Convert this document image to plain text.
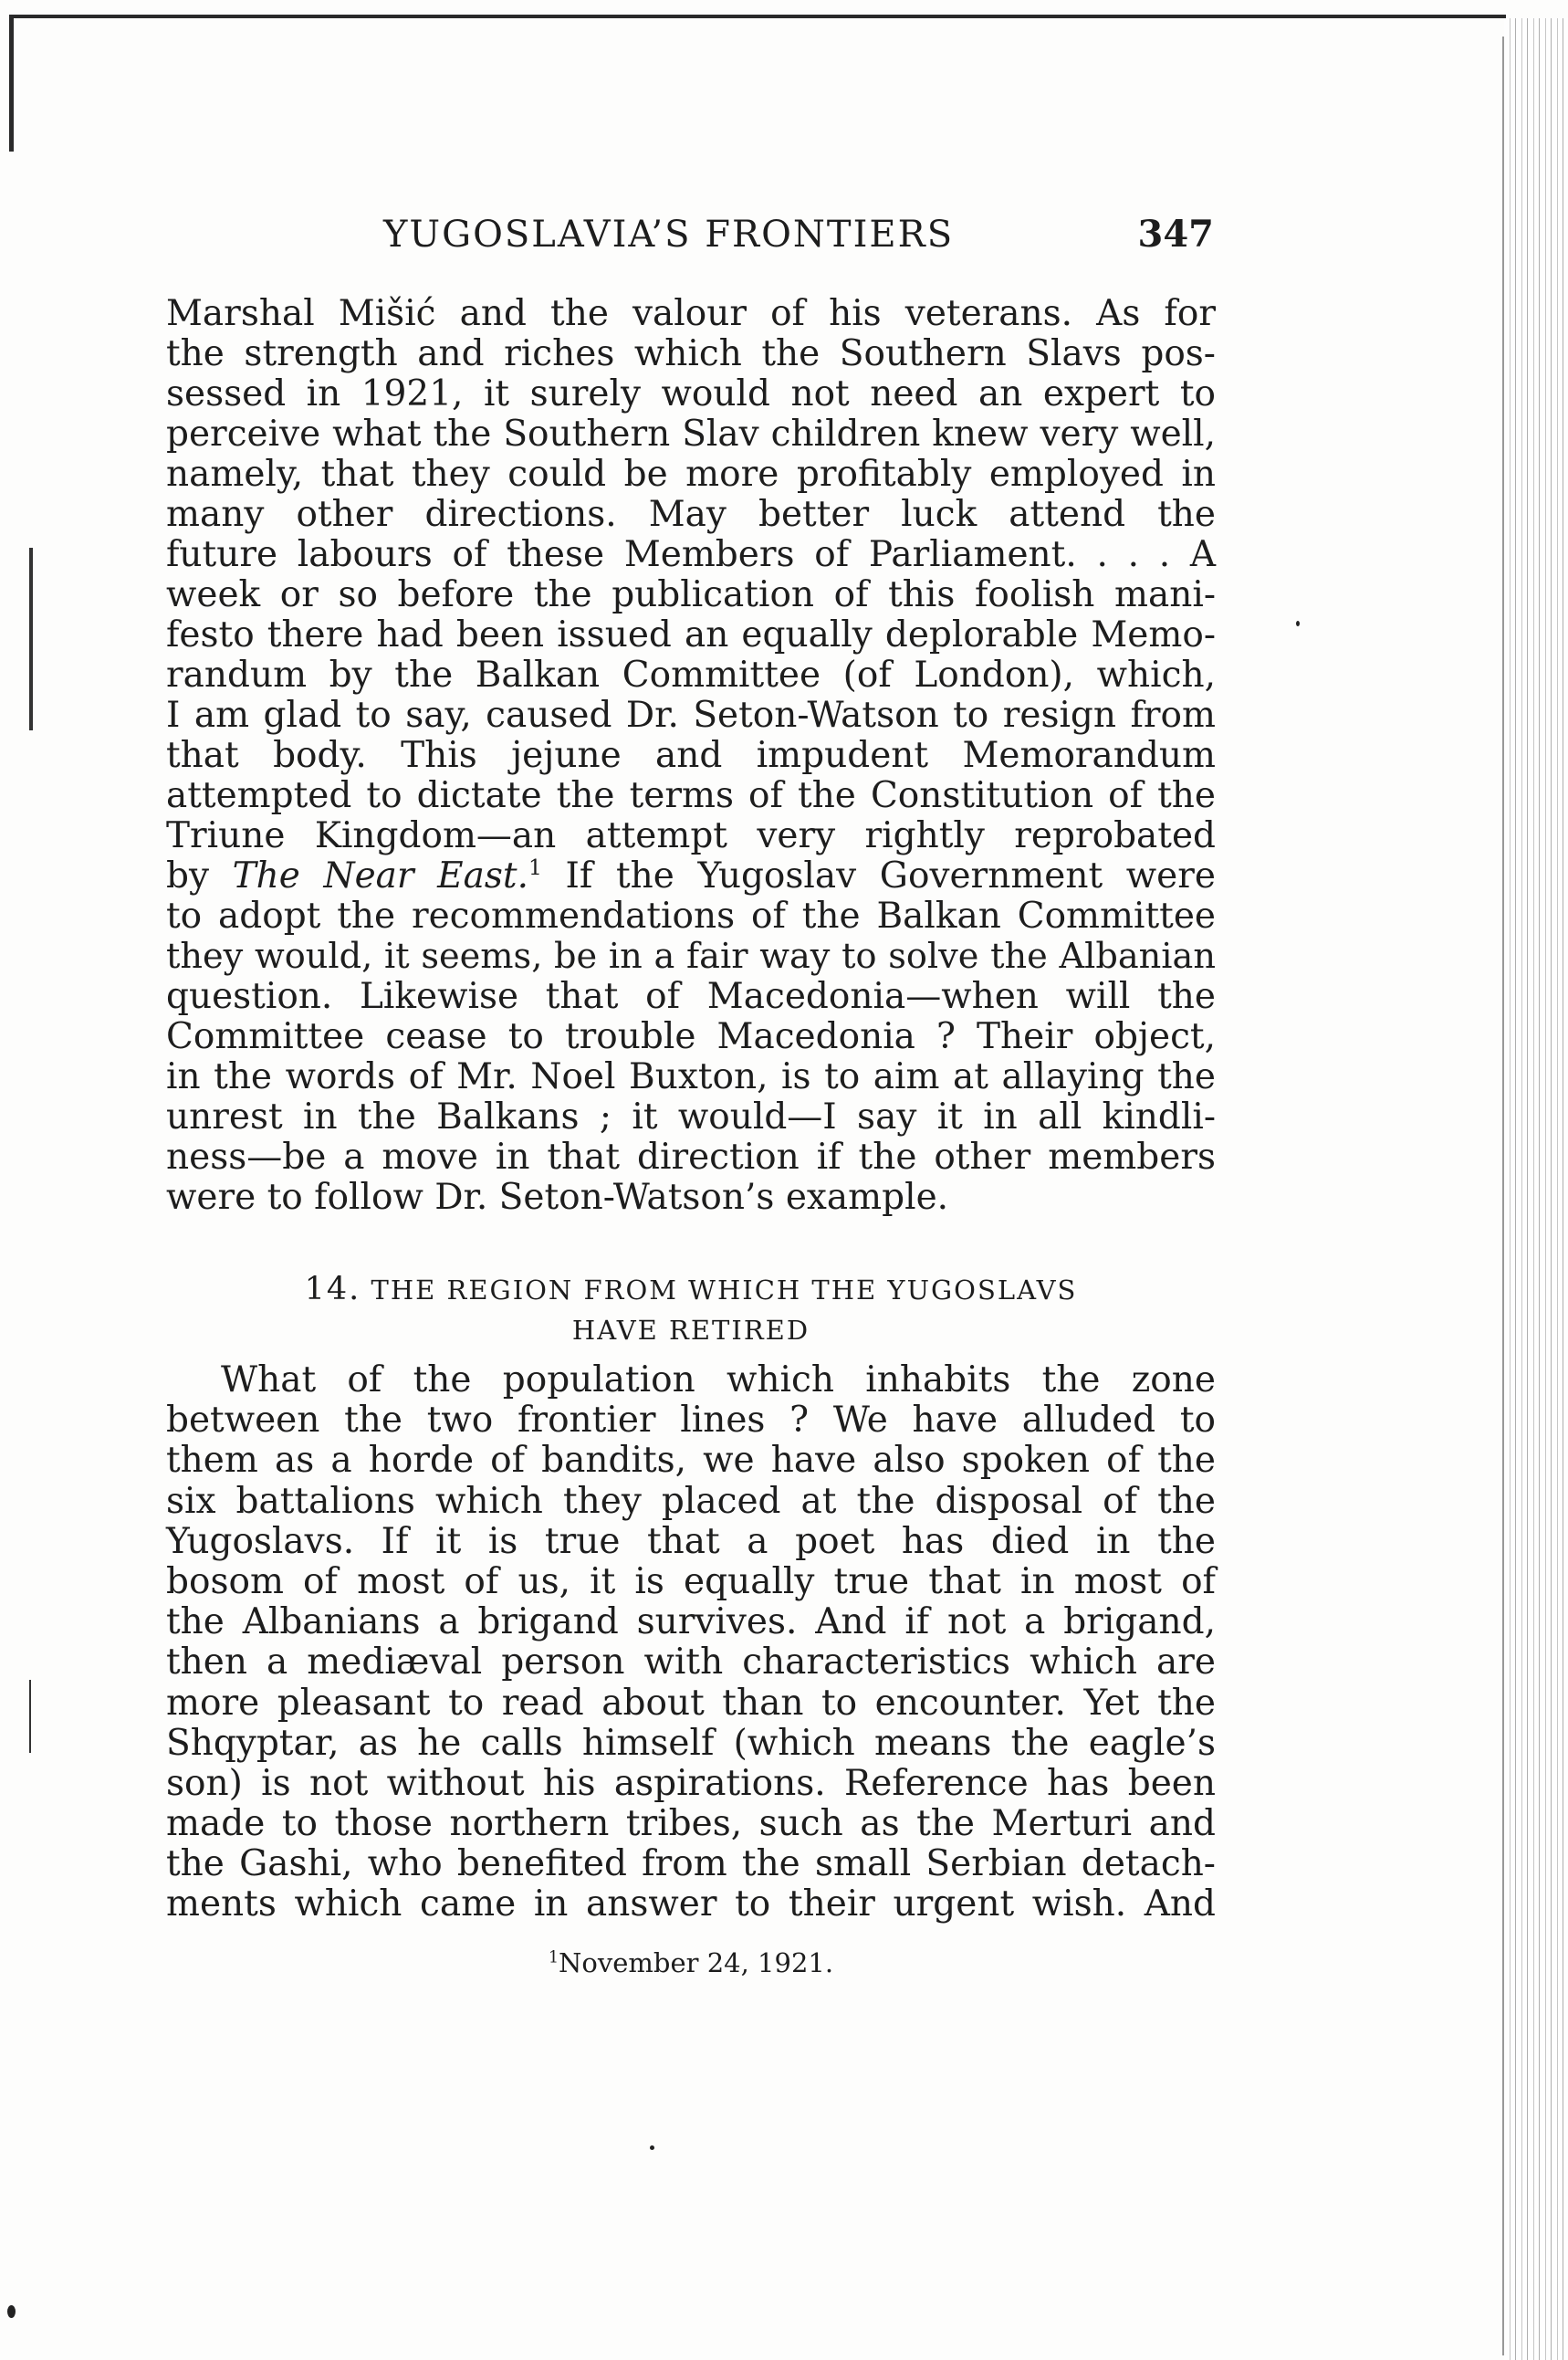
YUGOSLAVIA’S FRONTIERS	347
Marshal Mišić and the valour of his veterans. As for
the strength and riches which the Southern Slavs pos-
sessed in 1921, it surely would not need an expert to
perceive what the Southern Slav children knew very well,
namely, that they could be more profitably employed in
many other directions. May better luck attend the
future labours of these Members of Parliament. . . . A
week or so before the publication of this foolish mani-
festo there had been issued an equally deplorable Memo-
randum by the Balkan Committee (of London), which,
I am glad to say, caused Dr. Seton-Watson to resign from
that body. This jejune and impudent Memorandum
attempted to dictate the terms of the Constitution of the
Triune Kingdom—an attempt very rightly reprobated
by The Near East.$^1$ If the Yugoslav Government were
to adopt the recommendations of the Balkan Committee
they would, it seems, be in a fair way to solve the Albanian
question. Likewise that of Macedonia—when will the
Committee cease to trouble Macedonia ? Their object,
in the words of Mr. Noel Buxton, is to aim at allaying the
unrest in the Balkans ; it would—I say it in all kindli-
ness—be a move in that direction if the other members
were to follow Dr. Seton-Watson’s example.
14. THE REGION FROM WHICH THE YUGOSLAVS
HAVE RETIRED
What of the population which inhabits the zone
between the two frontier lines ? We have alluded to
them as a horde of bandits, we have also spoken of the
six battalions which they placed at the disposal of the
Yugoslavs. If it is true that a poet has died in the
bosom of most of us, it is equally true that in most of
the Albanians a brigand survives. And if not a brigand,
then a mediæval person with characteristics which are
more pleasant to read about than to encounter. Yet the
Shqyptar, as he calls himself (which means the eagle’s
son) is not without his aspirations. Reference has been
made to those northern tribes, such as the Merturi and
the Gashi, who benefited from the small Serbian detach-
ments which came in answer to their urgent wish. And
$^1$November 24, 1921.
